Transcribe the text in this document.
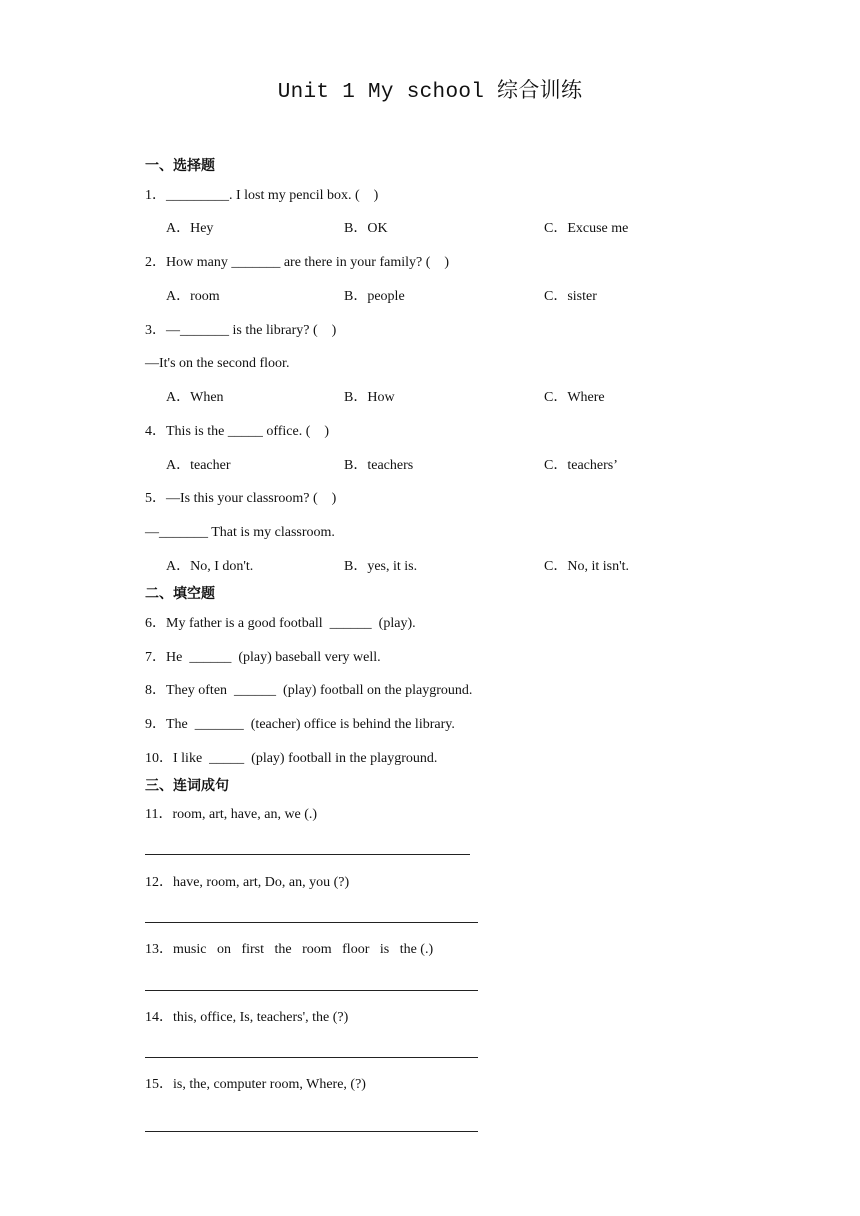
Unit 1 My school 综合训练
一、选择题
1．_________. I lost my pencil box. (    )
A．Hey	B．OK	C．Excuse me
2．How many _______ are there in your family? (    )
A．room	B．people	C．sister
3．—_______ is the library? (    )
—It's on the second floor.
A．When	B．How	C．Where
4．This is the _____ office. (    )
A．teacher	B．teachers	C．teachers’
5．—Is this your classroom? (    )
—_______ That is my classroom.
A．No, I don't.	B．yes, it is.	C．No, it isn't.
二、填空题
6．My father is a good football  ______  (play).
7．He  ______  (play) baseball very well.
8．They often  ______  (play) football on the playground.
9．The  _______  (teacher) office is behind the library.
10．I like  _____  (play) football in the playground.
三、连词成句
11．room, art, have, an, we (.)
12．have, room, art, Do, an, you (?)
13．music   on   first   the   room   floor   is   the (.)
14．this, office, Is, teachers', the (?)
15．is, the, computer room, Where, (?)
